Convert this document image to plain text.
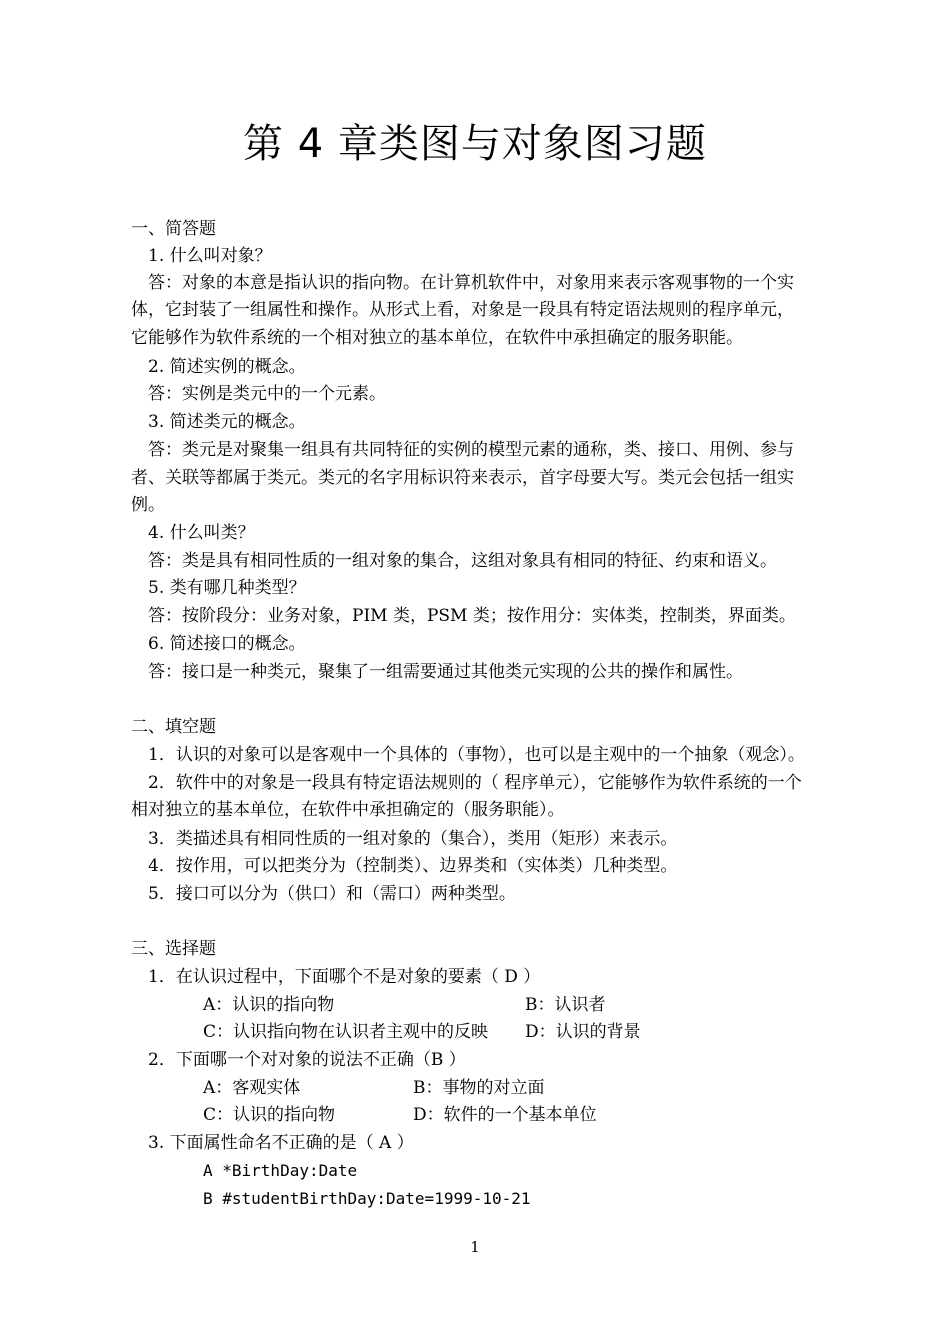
第 4 章类图与对象图习题
一、简答题
1. 什么叫对象？
答：对象的本意是指认识的指向物。在计算机软件中，对象用来表示客观事物的一个实
体，它封装了一组属性和操作。从形式上看，对象是一段具有特定语法规则的程序单元，
它能够作为软件系统的一个相对独立的基本单位，在软件中承担确定的服务职能。
2. 简述实例的概念。
答：实例是类元中的一个元素。
3. 简述类元的概念。
答：类元是对聚集一组具有共同特征的实例的模型元素的通称，类、接口、用例、参与
者、关联等都属于类元。类元的名字用标识符来表示，首字母要大写。类元会包括一组实
例。
4. 什么叫类？
答：类是具有相同性质的一组对象的集合，这组对象具有相同的特征、约束和语义。
5. 类有哪几种类型？
答：按阶段分：业务对象，PIM 类，PSM 类；按作用分：实体类，控制类，界面类。
6. 简述接口的概念。
答：接口是一种类元，聚集了一组需要通过其他类元实现的公共的操作和属性。
二、填空题
1．认识的对象可以是客观中一个具体的（事物），也可以是主观中的一个抽象（观念）。
2．软件中的对象是一段具有特定语法规则的（ 程序单元），它能够作为软件系统的一个
相对独立的基本单位，在软件中承担确定的（服务职能）。
3．类描述具有相同性质的一组对象的（集合），类用（矩形）来表示。
4．按作用，可以把类分为（控制类）、边界类和（实体类）几种类型。
5．接口可以分为（供口）和（需口）两种类型。
三、选择题
1．在认识过程中，下面哪个不是对象的要素（ D ）
A：认识的指向物	B：认识者
C：认识指向物在认识者主观中的反映 D：认识的背景
2．下面哪一个对对象的说法不正确（B ）
A：客观实体	B：事物的对立面
C：认识的指向物	D：软件的一个基本单位
3. 下面属性命名不正确的是（ A ）
A *BirthDay:Date
B #studentBirthDay:Date=1999-10-21
1
